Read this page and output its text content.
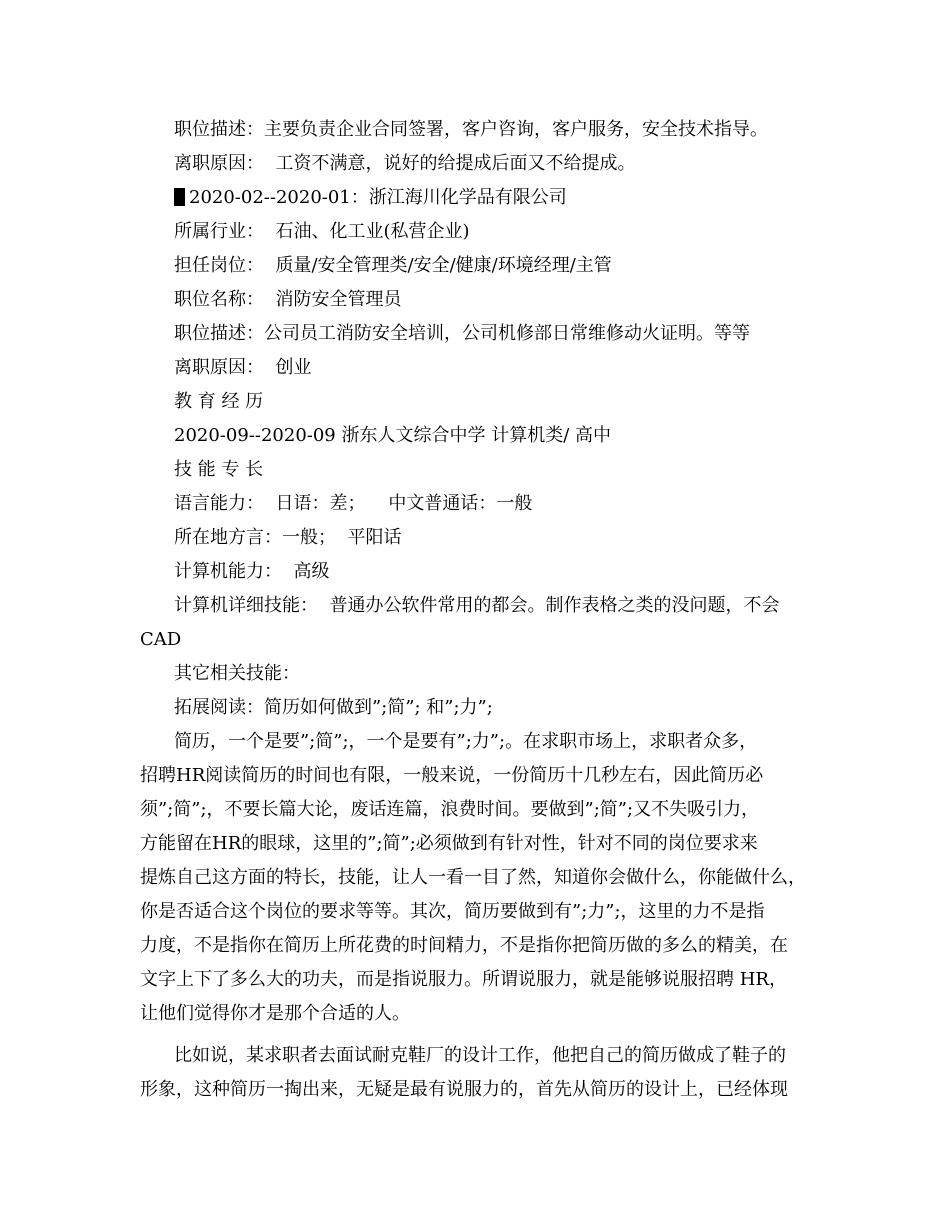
职位描述：主要负责企业合同签署，客户咨询，客户服务，安全技术指导。
离职原因：  工资不满意，说好的给提成后面又不给提成。
2020-02--2020-01：浙江海川化学品有限公司
所属行业：  石油、化工业(私营企业)
担任岗位：  质量/安全管理类/安全/健康/环境经理/主管
职位名称：  消防安全管理员
职位描述：公司员工消防安全培训，公司机修部日常维修动火证明。等等
离职原因：  创业
教 育 经 历
2020-09--2020-09 浙东人文综合中学 计算机类/ 高中
技 能 专 长
语言能力：  日语：差；    中文普通话：一般
所在地方言：一般；  平阳话
计算机能力：  高级
计算机详细技能：  普通办公软件常用的都会。制作表格之类的没问题，不会
CAD
其它相关技能：
拓展阅读：简历如何做到”;简”; 和”;力”;
简历，一个是要”;简”;，一个是要有”;力”;。在求职市场上，求职者众多，
招聘HR阅读简历的时间也有限，一般来说，一份简历十几秒左右，因此简历必
须”;简”;，不要长篇大论，废话连篇，浪费时间。要做到”;简”;又不失吸引力，
方能留在HR的眼球，这里的”;简”;必须做到有针对性，针对不同的岗位要求来
提炼自己这方面的特长，技能，让人一看一目了然，知道你会做什么，你能做什么，
你是否适合这个岗位的要求等等。其次，简历要做到有”;力”;，这里的力不是指
力度，不是指你在简历上所花费的时间精力，不是指你把简历做的多么的精美，在
文字上下了多么大的功夫，而是指说服力。所谓说服力，就是能够说服招聘 HR，
让他们觉得你才是那个合适的人。
比如说，某求职者去面试耐克鞋厂的设计工作，他把自己的简历做成了鞋子的
形象，这种简历一掏出来，无疑是最有说服力的，首先从简历的设计上，已经体现
